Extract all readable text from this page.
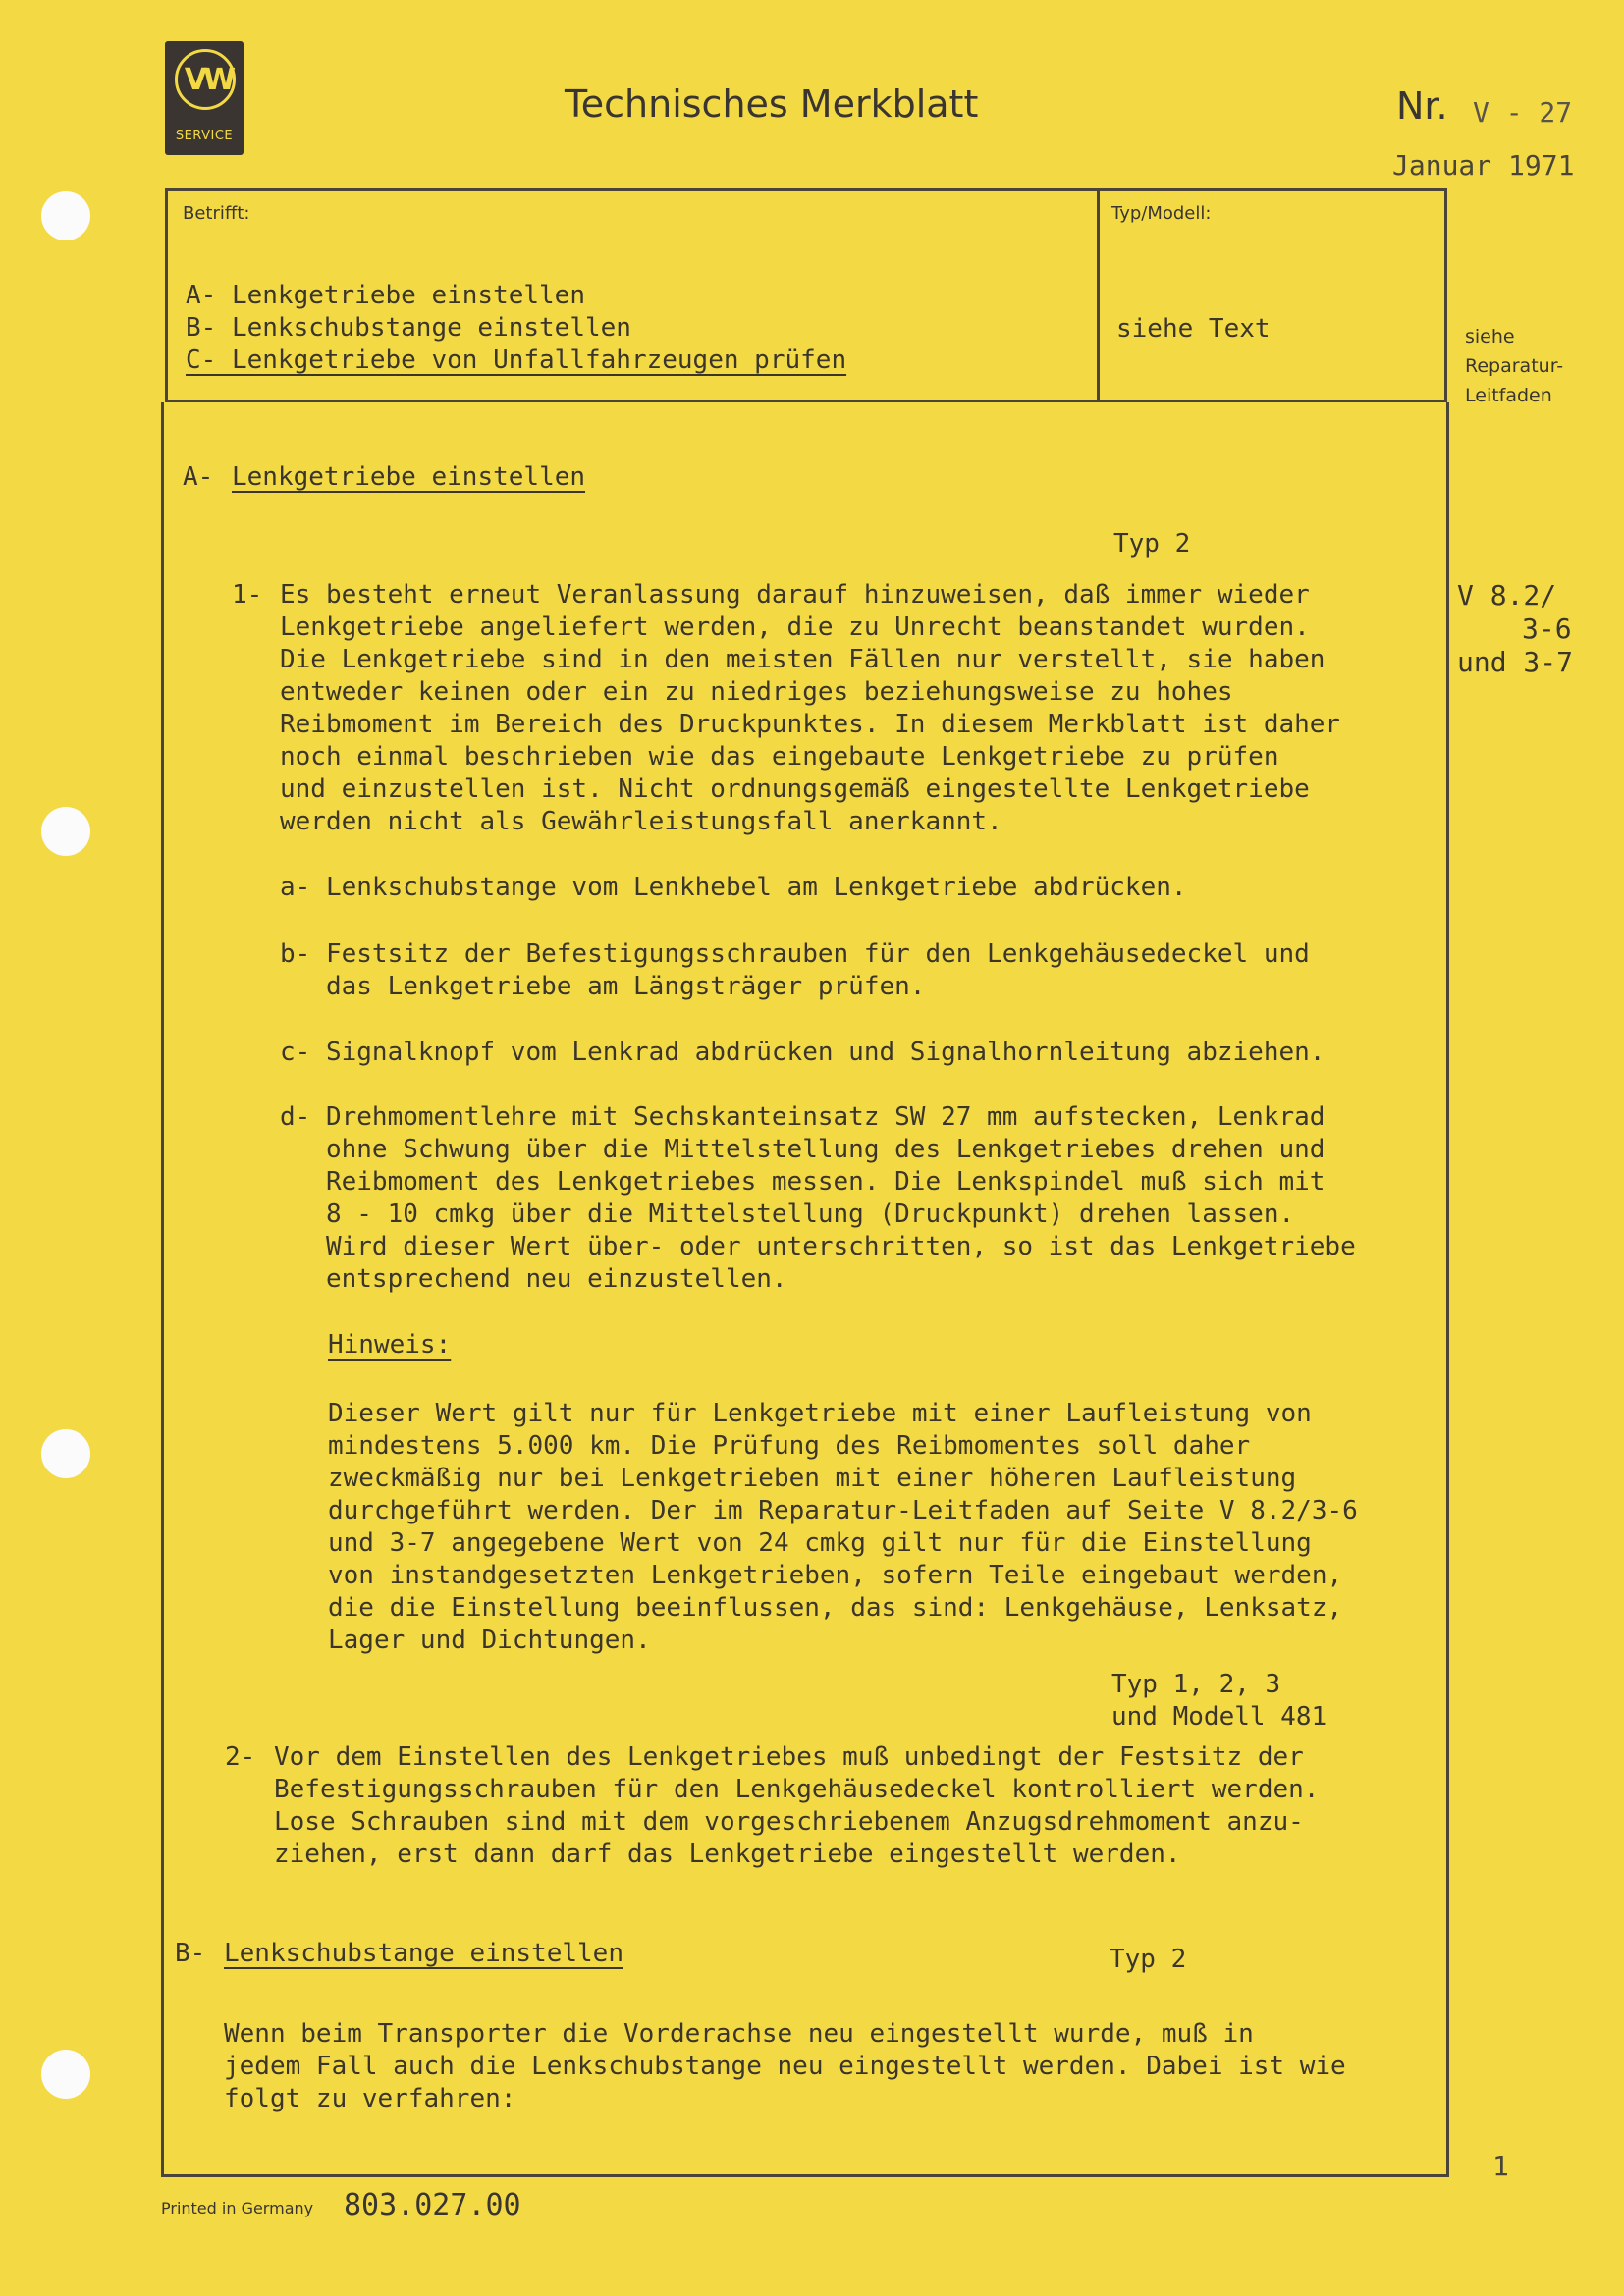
VW
SERVICE
Technisches Merkblatt	Nr. V - 27
Januar 1971
Betrifft:	Typ/Modell:
A- Lenkgetriebe einstellen
B- Lenkschubstange einstellen
C- Lenkgetriebe von Unfallfahrzeugen prüfen
siehe Text	siehe
Reparatur-
Leitfaden
V 8.2/
3-6
und 3-7
A- Lenkgetriebe einstellen
Typ 2
1- Es besteht erneut Veranlassung darauf hinzuweisen, daß immer wieder
Lenkgetriebe angeliefert werden, die zu Unrecht beanstandet wurden.
Die Lenkgetriebe sind in den meisten Fällen nur verstellt, sie haben
entweder keinen oder ein zu niedriges beziehungsweise zu hohes
Reibmoment im Bereich des Druckpunktes. In diesem Merkblatt ist daher
noch einmal beschrieben wie das eingebaute Lenkgetriebe zu prüfen
und einzustellen ist. Nicht ordnungsgemäß eingestellte Lenkgetriebe
werden nicht als Gewährleistungsfall anerkannt.
a- Lenkschubstange vom Lenkhebel am Lenkgetriebe abdrücken.
b- Festsitz der Befestigungsschrauben für den Lenkgehäusedeckel und
das Lenkgetriebe am Längsträger prüfen.
c- Signalknopf vom Lenkrad abdrücken und Signalhornleitung abziehen.
d- Drehmomentlehre mit Sechskanteinsatz SW 27 mm aufstecken, Lenkrad
ohne Schwung über die Mittelstellung des Lenkgetriebes drehen und
Reibmoment des Lenkgetriebes messen. Die Lenkspindel muß sich mit
8 - 10 cmkg über die Mittelstellung (Druckpunkt) drehen lassen.
Wird dieser Wert über- oder unterschritten, so ist das Lenkgetriebe
entsprechend neu einzustellen.
Hinweis:
Dieser Wert gilt nur für Lenkgetriebe mit einer Laufleistung von
mindestens 5.000 km. Die Prüfung des Reibmomentes soll daher
zweckmäßig nur bei Lenkgetrieben mit einer höheren Laufleistung
durchgeführt werden. Der im Reparatur-Leitfaden auf Seite V 8.2/3-6
und 3-7 angegebene Wert von 24 cmkg gilt nur für die Einstellung
von instandgesetzten Lenkgetrieben, sofern Teile eingebaut werden,
die die Einstellung beeinflussen, das sind: Lenkgehäuse, Lenksatz,
Lager und Dichtungen.
Typ 1, 2, 3
und Modell 481
2- Vor dem Einstellen des Lenkgetriebes muß unbedingt der Festsitz der
Befestigungsschrauben für den Lenkgehäusedeckel kontrolliert werden.
Lose Schrauben sind mit dem vorgeschriebenem Anzugsdrehmoment anzu-
ziehen, erst dann darf das Lenkgetriebe eingestellt werden.
B- Lenkschubstange einstellen	Typ 2
Wenn beim Transporter die Vorderachse neu eingestellt wurde, muß in
jedem Fall auch die Lenkschubstange neu eingestellt werden. Dabei ist wie
folgt zu verfahren:
Printed in Germany 803.027.00
1
